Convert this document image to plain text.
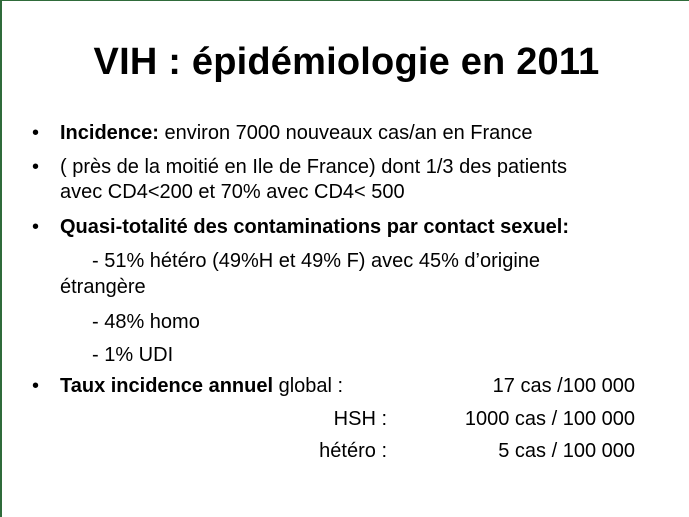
VIH : épidémiologie en 2011
• Incidence: environ 7000 nouveaux cas/an en France
• ( près de la moitié en Ile de France) dont 1/3 des patients
avec CD4<200 et 70% avec CD4< 500
• Quasi-totalité des contaminations par contact sexuel:
- 51% hétéro (49%H et 49% F) avec 45% d’origine
étrangère
- 48% homo
- 1% UDI
• Taux incidence annuel global :	17 cas /100 000
HSH :	1000 cas / 100 000
hétéro :	5 cas / 100 000
